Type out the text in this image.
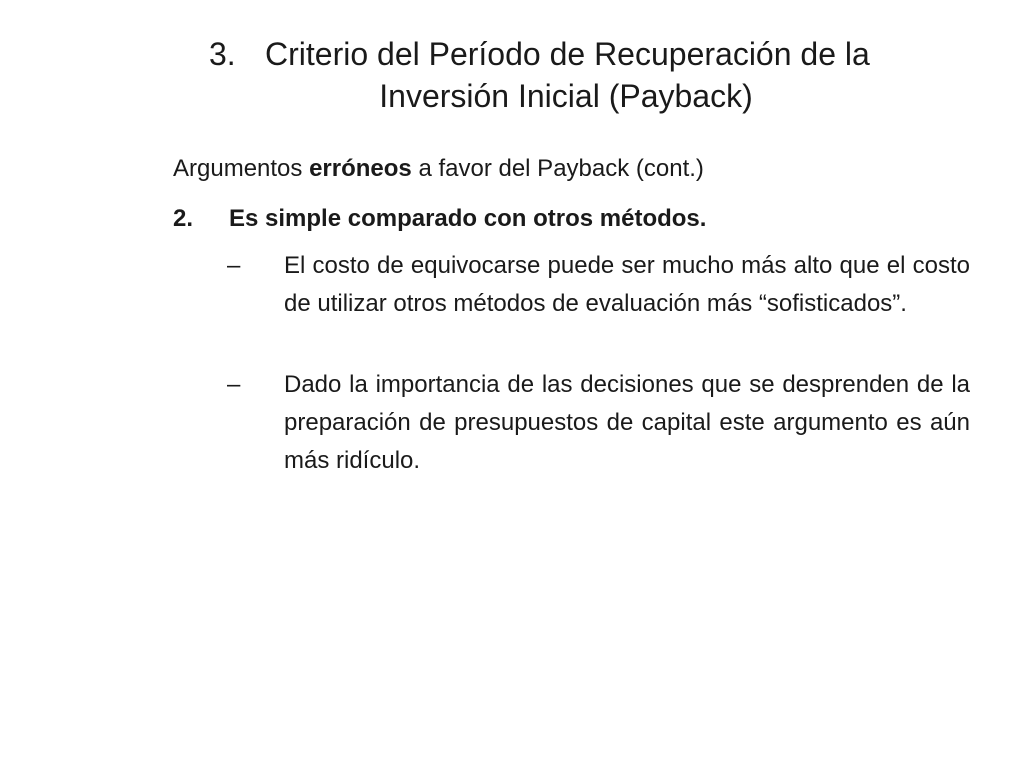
3. Criterio del Período de Recuperación de la
Inversión Inicial (Payback)
Argumentos erróneos a favor del Payback (cont.)
2. Es simple comparado con otros métodos.
–	El costo de equivocarse puede ser mucho más alto que el costo de utilizar otros métodos de evaluación más “sofisticados”.
–	Dado la importancia de las decisiones que se desprenden de la preparación de presupuestos de capital este argumento es aún más ridículo.
